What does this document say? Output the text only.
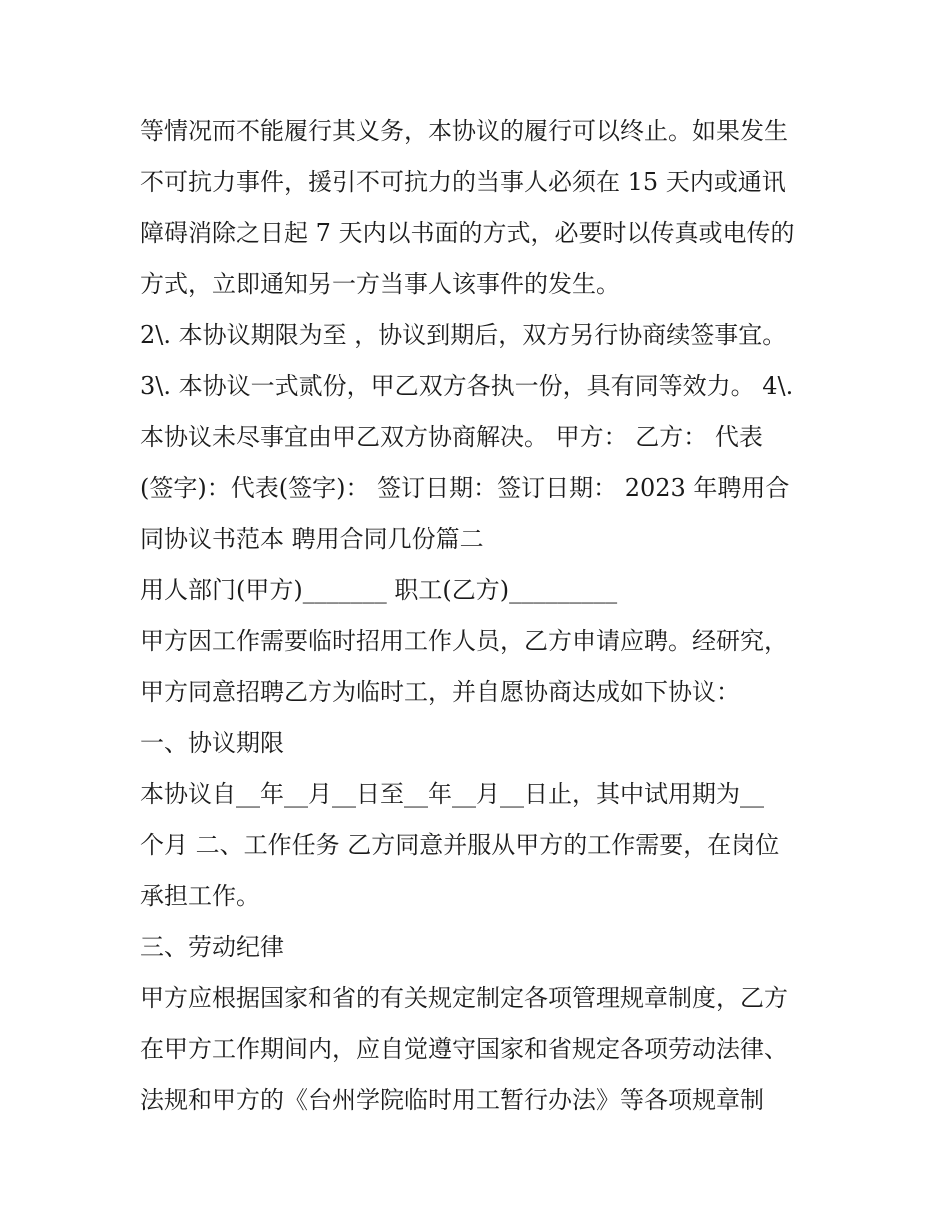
等情况而不能履行其义务，本协议的履行可以终止。如果发生
不可抗力事件，援引不可抗力的当事人必须在 15 天内或通讯
障碍消除之日起 7 天内以书面的方式，必要时以传真或电传的
方式，立即通知另一方当事人该事件的发生。
2\. 本协议期限为至 ，协议到期后，双方另行协商续签事宜。
3\. 本协议一式贰份，甲乙双方各执一份，具有同等效力。 4\.
本协议未尽事宜由甲乙双方协商解决。 甲方： 乙方： 代表
(签字)：代表(签字)： 签订日期：签订日期： 2023 年聘用合
同协议书范本 聘用合同几份篇二
用人部门(甲方)_______ 职工(乙方)_________
甲方因工作需要临时招用工作人员，乙方申请应聘。经研究，
甲方同意招聘乙方为临时工，并自愿协商达成如下协议：
一、协议期限
本协议自__年__月__日至__年__月__日止，其中试用期为__
个月 二、工作任务 乙方同意并服从甲方的工作需要，在岗位
承担工作。
三、劳动纪律
甲方应根据国家和省的有关规定制定各项管理规章制度，乙方
在甲方工作期间内，应自觉遵守国家和省规定各项劳动法律、
法规和甲方的《台州学院临时用工暂行办法》等各项规章制
